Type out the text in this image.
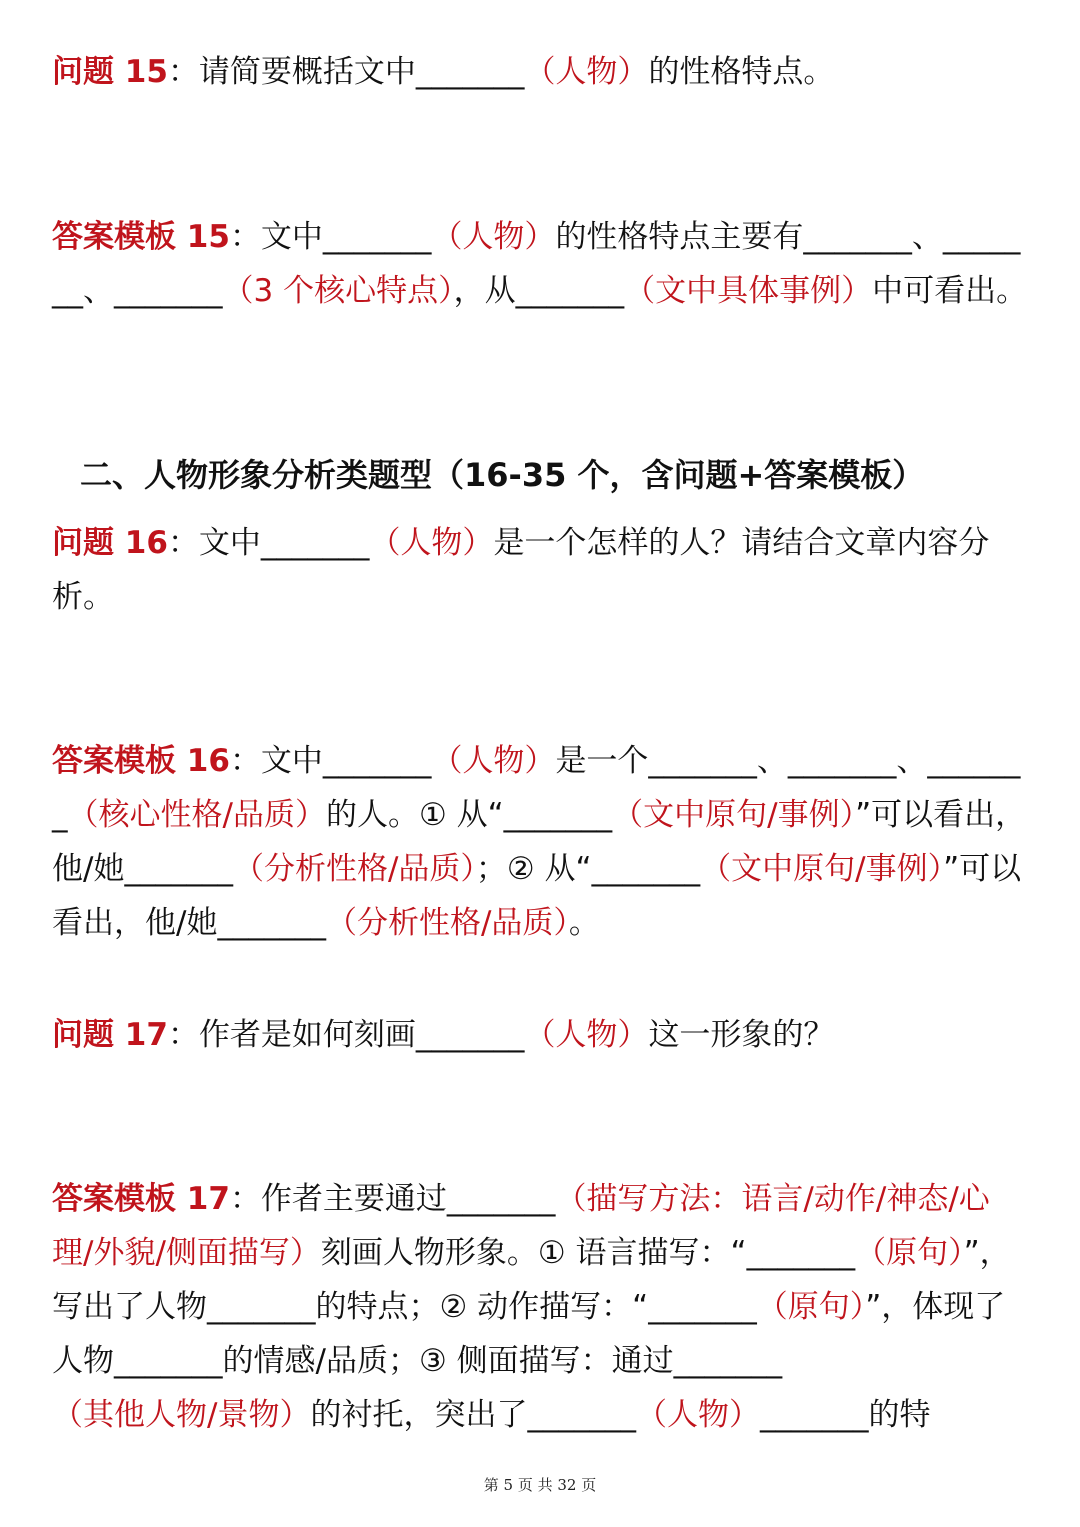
问题 15：请简要概括文中_______（人物）的性格特点。

答案模板 15：文中_______（人物）的性格特点主要有_______、_______、_______（3 个核心特点），从_______（文中具体事例）中可看出。

二、人物形象分析类题型（16-35 个，含问题+答案模板）

问题 16：文中_______（人物）是一个怎样的人？请结合文章内容分析。

答案模板 16：文中_______（人物）是一个_______、_______、_______（核心性格/品质）的人。① 从“_______（文中原句/事例）”可以看出，他/她_______（分析性格/品质）；② 从“_______（文中原句/事例）”可以看出，他/她_______（分析性格/品质）。

问题 17：作者是如何刻画_______（人物）这一形象的？

答案模板 17：作者主要通过_______（描写方法：语言/动作/神态/心理/外貌/侧面描写）刻画人物形象。① 语言描写：“_______（原句）”，写出了人物_______的特点；② 动作描写：“_______（原句）”，体现了人物_______的情感/品质；③ 侧面描写：通过_______（其他人物/景物）的衬托，突出了_______（人物）_______的特

第 5 页 共 32 页
